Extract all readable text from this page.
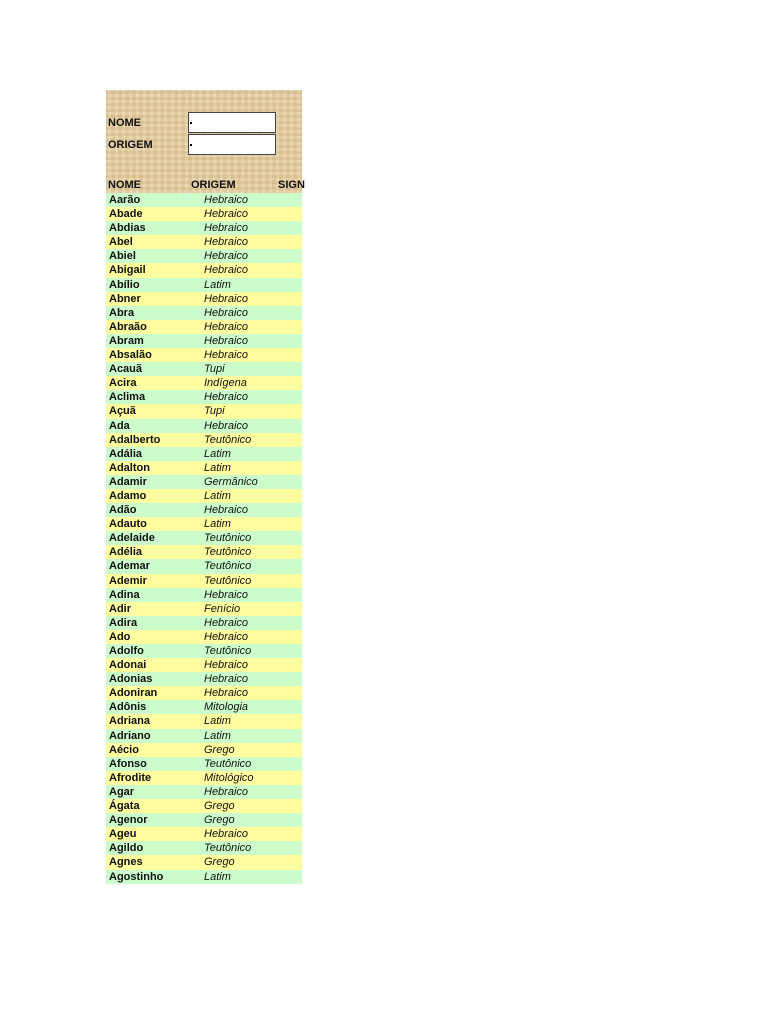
NOME
ORIGEM
NOME	ORIGEM	SIGN
Aarão	Hebraico
Abade	Hebraico
Abdias	Hebraico
Abel	Hebraico
Abiel	Hebraico
Abigail	Hebraico
Abílio	Latim
Abner	Hebraico
Abra	Hebraico
Abraão	Hebraico
Abram	Hebraico
Absalão	Hebraico
Acauã	Tupi
Acira	Indígena
Aclima	Hebraico
Açuã	Tupi
Ada	Hebraico
Adalberto	Teutônico
Adália	Latim
Adalton	Latim
Adamir	Germânico
Adamo	Latim
Adão	Hebraico
Adauto	Latim
Adelaide	Teutônico
Adélia	Teutônico
Ademar	Teutônico
Ademir	Teutônico
Adina	Hebraico
Adir	Fenício
Adira	Hebraico
Ado	Hebraico
Adolfo	Teutônico
Adonai	Hebraico
Adonias	Hebraico
Adoniran	Hebraico
Adônis	Mitologia
Adriana	Latim
Adriano	Latim
Aécio	Grego
Afonso	Teutônico
Afrodite	Mitológico
Agar	Hebraico
Ágata	Grego
Agenor	Grego
Ageu	Hebraico
Agildo	Teutônico
Agnes	Grego
Agostinho	Latim
